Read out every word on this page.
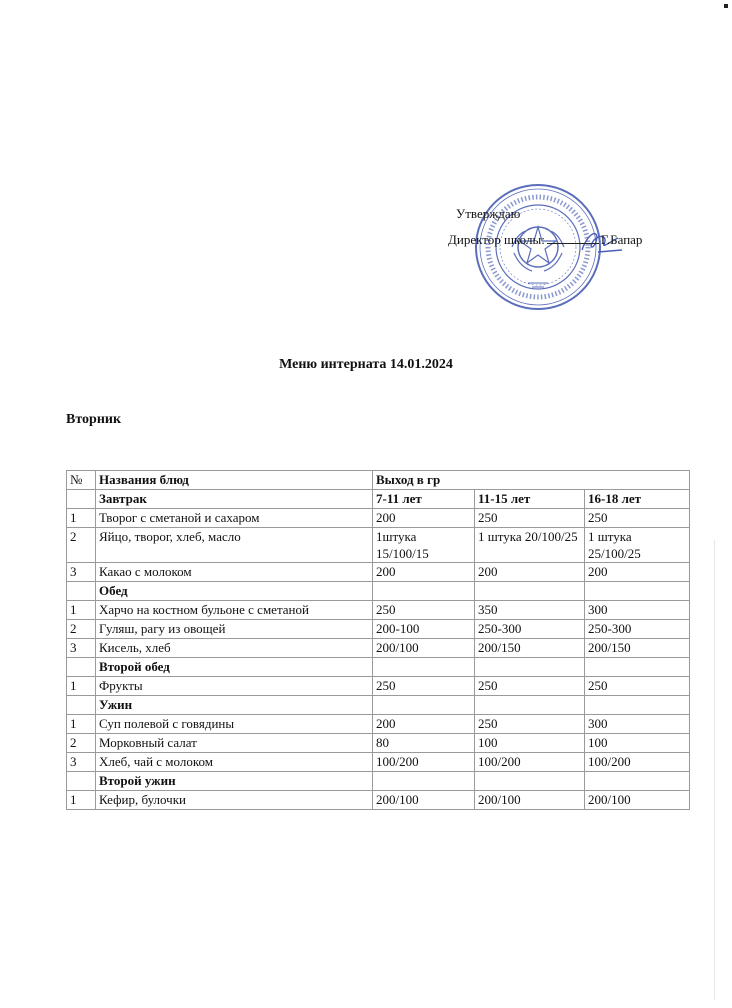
Утверждаю
Директор школы:	Г.Бапар
Меню интерната 14.01.2024
Вторник
№	Названия блюд	Выход в гр		
	Завтрак	7-11 лет	11-15 лет	16-18 лет
1	Творог с сметаной и сахаром	200	250	250
2	Яйцо, творог, хлеб, масло	1штука 15/100/15	1 штука 20/100/25	1 штука 25/100/25
3	Какао с молоком	200	200	200
	Обед			
1	Харчо на костном бульоне с сметаной	250	350	300
2	Гуляш, рагу из овощей	200-100	250-300	250-300
3	Кисель, хлеб	200/100	200/150	200/150
	Второй обед			
1	Фрукты	250	250	250
	Ужин			
1	Суп полевой с говядины	200	250	300
2	Морковный салат	80	100	100
3	Хлеб, чай с молоком	100/200	100/200	100/200
	Второй ужин			
1	Кефир, булочки	200/100	200/100	200/100
